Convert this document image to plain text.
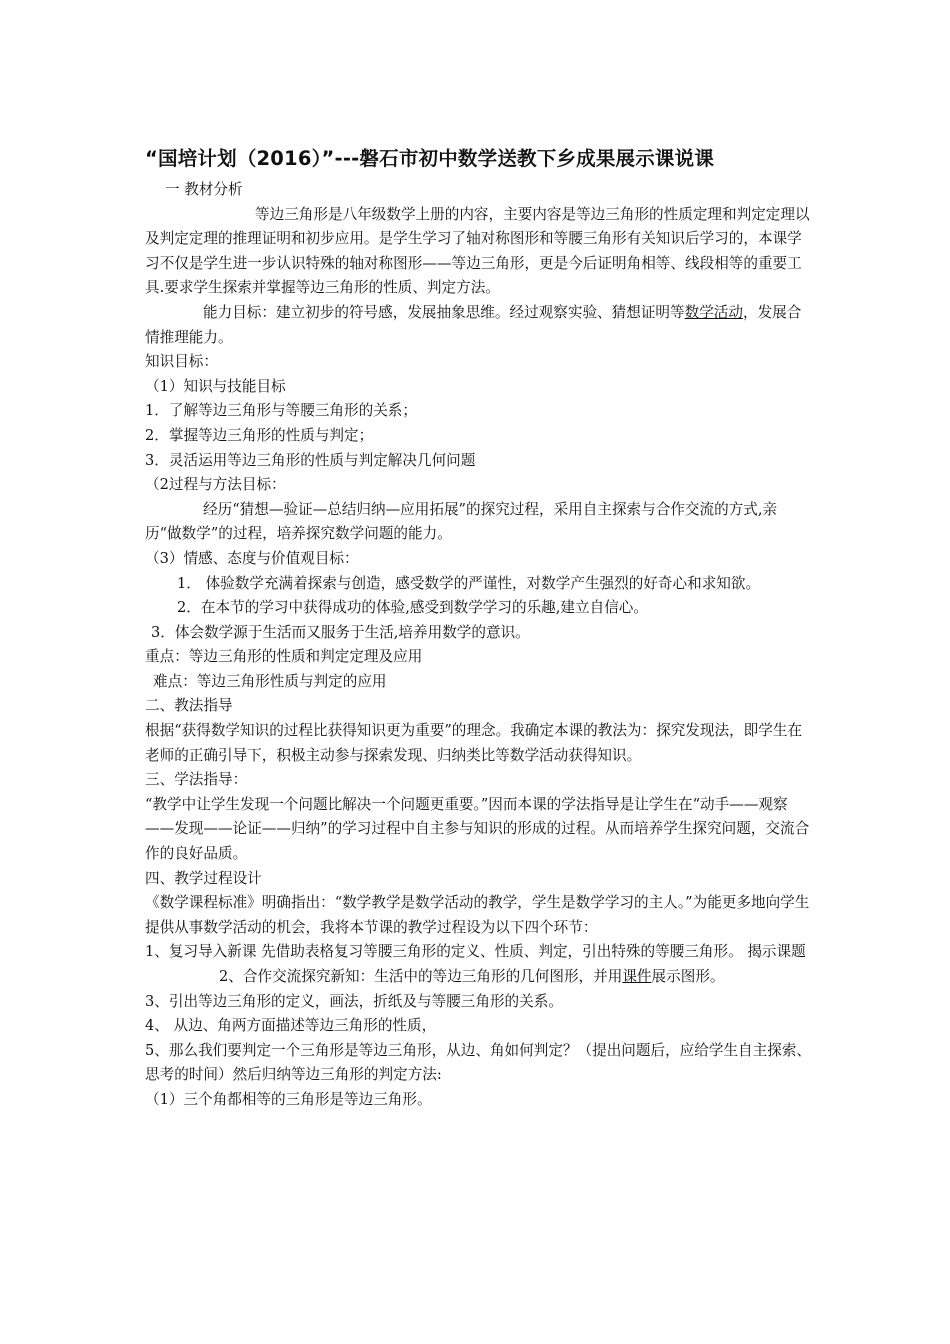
“国培计划（2016）”---磐石市初中数学送教下乡成果展示课说课

一 教材分析

等边三角形是八年级数学上册的内容，主要内容是等边三角形的性质定理和判定定理以及判定定理的推理证明和初步应用。是学生学习了轴对称图形和等腰三角形有关知识后学习的，本课学习不仅是学生进一步认识特殊的轴对称图形——等边三角形，更是今后证明角相等、线段相等的重要工具.要求学生探索并掌握等边三角形的性质、判定方法。

能力目标：建立初步的符号感，发展抽象思维。经过观察实验、猜想证明等数学活动，发展合情推理能力。

知识目标：

（1）知识与技能目标

1．了解等边三角形与等腰三角形的关系；

2．掌握等边三角形的性质与判定；

3．灵活运用等边三角形的性质与判定解决几何问题

（2过程与方法目标：

经历“猜想—验证—总结归纳—应用拓展”的探究过程，采用自主探索与合作交流的方式,亲历“做数学”的过程，培养探究数学问题的能力。

（3）情感、态度与价值观目标：

1． 体验数学充满着探索与创造，感受数学的严谨性，对数学产生强烈的好奇心和求知欲。

2．在本节的学习中获得成功的体验,感受到数学学习的乐趣,建立自信心。

3．体会数学源于生活而又服务于生活,培养用数学的意识。

重点：等边三角形的性质和判定定理及应用

难点：等边三角形性质与判定的应用

二、教法指导

根据“获得数学知识的过程比获得知识更为重要”的理念。我确定本课的教法为：探究发现法，即学生在老师的正确引导下，积极主动参与探索发现、归纳类比等数学活动获得知识。

三、学法指导：

“教学中让学生发现一个问题比解决一个问题更重要。”因而本课的学法指导是让学生在“动手——观察——发现——论证——归纳”的学习过程中自主参与知识的形成的过程。从而培养学生探究问题，交流合作的良好品质。

四、教学过程设计

《数学课程标准》明确指出：“数学教学是数学活动的教学，学生是数学学习的主人。”为能更多地向学生提供从事数学活动的机会，我将本节课的教学过程设为以下四个环节：

1、复习导入新课 先借助表格复习等腰三角形的定义、性质、判定，引出特殊的等腰三角形。 揭示课题

2、合作交流探究新知：生活中的等边三角形的几何图形，并用课件展示图形。

3、引出等边三角形的定义，画法，折纸及与等腰三角形的关系。

4、 从边、角两方面描述等边三角形的性质，

5、那么我们要判定一个三角形是等边三角形，从边、角如何判定？（提出问题后，应给学生自主探索、思考的时间）然后归纳等边三角形的判定方法:

（1）三个角都相等的三角形是等边三角形。
